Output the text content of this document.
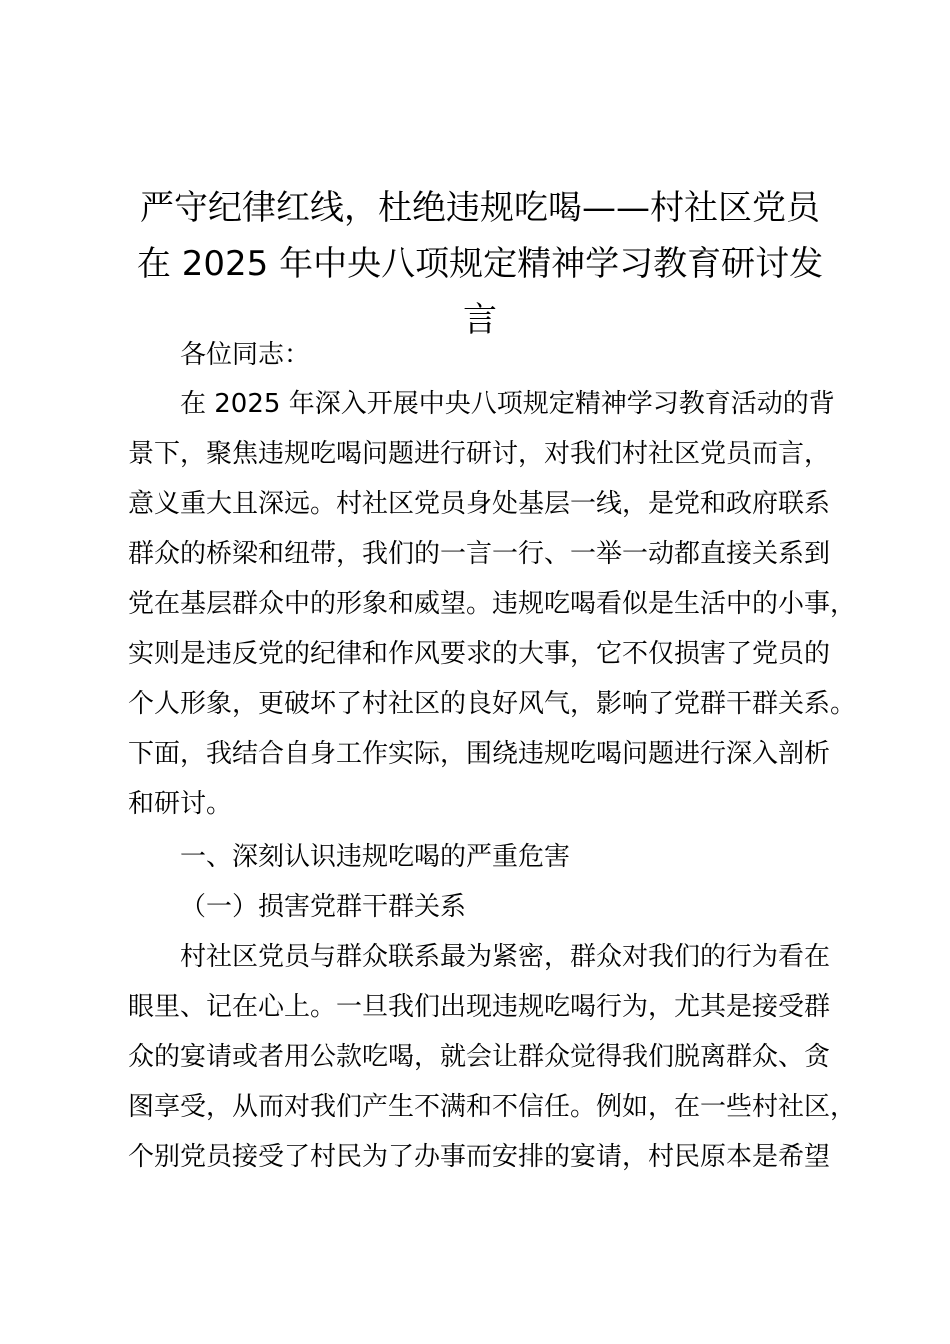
严守纪律红线，杜绝违规吃喝——村社区党员
在 2025 年中央八项规定精神学习教育研讨发
言
各位同志：
在 2025 年深入开展中央八项规定精神学习教育活动的背
景下，聚焦违规吃喝问题进行研讨，对我们村社区党员而言，
意义重大且深远。村社区党员身处基层一线，是党和政府联系
群众的桥梁和纽带，我们的一言一行、一举一动都直接关系到
党在基层群众中的形象和威望。违规吃喝看似是生活中的小事，
实则是违反党的纪律和作风要求的大事，它不仅损害了党员的
个人形象，更破坏了村社区的良好风气，影响了党群干群关系。
下面，我结合自身工作实际，围绕违规吃喝问题进行深入剖析
和研讨。
一、深刻认识违规吃喝的严重危害
（一）损害党群干群关系
村社区党员与群众联系最为紧密，群众对我们的行为看在
眼里、记在心上。一旦我们出现违规吃喝行为，尤其是接受群
众的宴请或者用公款吃喝，就会让群众觉得我们脱离群众、贪
图享受，从而对我们产生不满和不信任。例如，在一些村社区，
个别党员接受了村民为了办事而安排的宴请，村民原本是希望
